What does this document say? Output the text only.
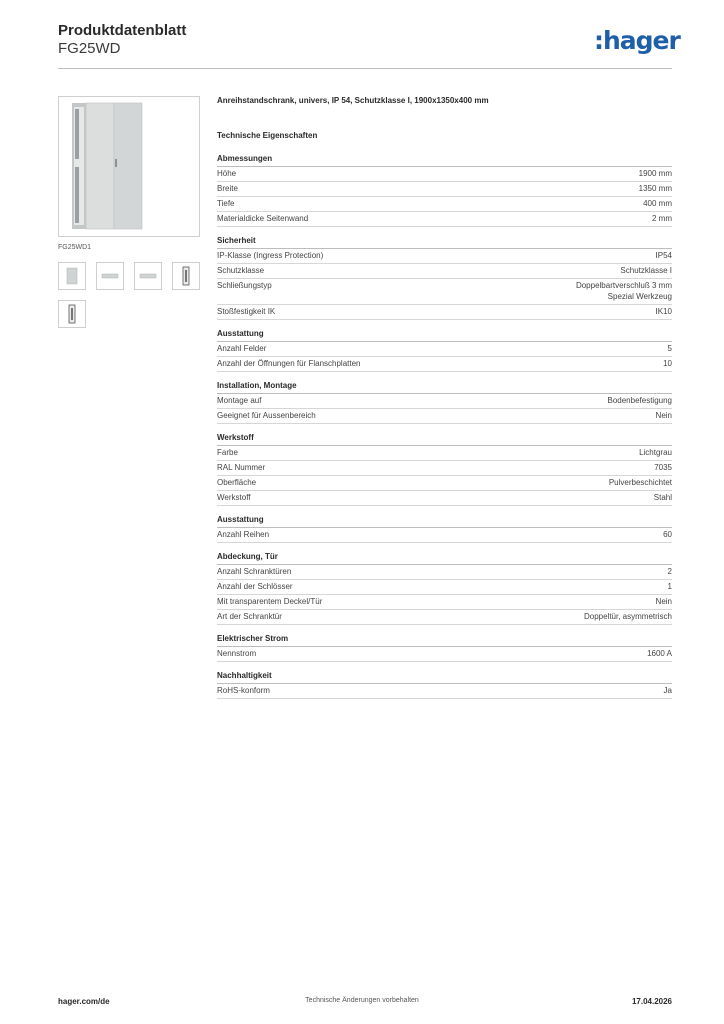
Produktdatenblatt
FG25WD	:hager
FG25WD1
Anreihstandschrank, univers, IP 54, Schutzklasse I, 1900x1350x400 mm
Technische Eigenschaften
Abmessungen
Höhe	1900 mm
Breite	1350 mm
Tiefe	400 mm
Materialdicke Seitenwand	2 mm
Sicherheit
IP-Klasse (Ingress Protection)	IP54
Schutzklasse	Schutzklasse I
Schließungstyp	Doppelbartverschluß 3 mm
Spezial Werkzeug
Stoßfestigkeit IK	IK10
Ausstattung
Anzahl Felder	5
Anzahl der Öffnungen für Flanschplatten	10
Installation, Montage
Montage auf	Bodenbefestigung
Geeignet für Aussenbereich	Nein
Werkstoff
Farbe	Lichtgrau
RAL Nummer	7035
Oberfläche	Pulverbeschichtet
Werkstoff	Stahl
Ausstattung
Anzahl Reihen	60
Abdeckung, Tür
Anzahl Schranktüren	2
Anzahl der Schlösser	1
Mit transparentem Deckel/Tür	Nein
Art der Schranktür	Doppeltür, asymmetrisch
Elektrischer Strom
Nennstrom	1600 A
Nachhaltigkeit
RoHS-konform	Ja
hager.com/de	Technische Änderungen vorbehalten	17.04.2026
